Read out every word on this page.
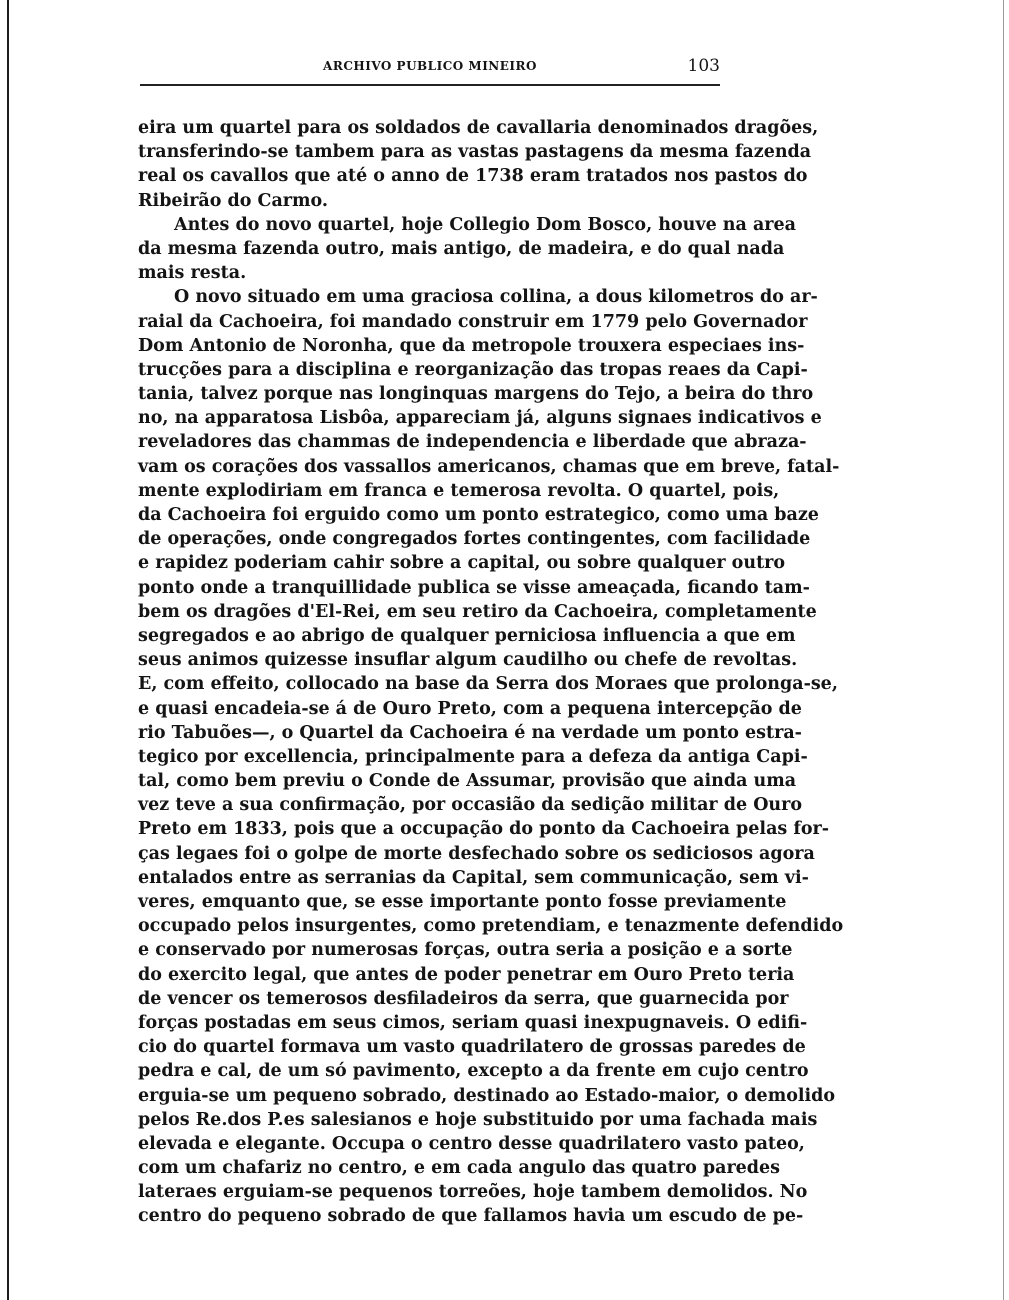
ARCHIVO PUBLICO MINEIRO	103
eira um quartel para os soldados de cavallaria denominados dragões,
transferindo-se tambem para as vastas pastagens da mesma fazenda
real os cavallos que até o anno de 1738 eram tratados nos pastos do
Ribeirão do Carmo.
Antes do novo quartel, hoje Collegio Dom Bosco, houve na area
da mesma fazenda outro, mais antigo, de madeira, e do qual nada
mais resta.
O novo situado em uma graciosa collina, a dous kilometros do ar-
raial da Cachoeira, foi mandado construir em 1779 pelo Governador
Dom Antonio de Noronha, que da metropole trouxera especiaes ins-
trucções para a disciplina e reorganização das tropas reaes da Capi-
tania, talvez porque nas longinquas margens do Tejo, a beira do thro
no, na apparatosa Lisbôa, appareciam já, alguns signaes indicativos e
reveladores das chammas de independencia e liberdade que abraza-
vam os corações dos vassallos americanos, chamas que em breve, fatal-
mente explodiriam em franca e temerosa revolta. O quartel, pois,
da Cachoeira foi erguido como um ponto estrategico, como uma baze
de operações, onde congregados fortes contingentes, com facilidade
e rapidez poderiam cahir sobre a capital, ou sobre qualquer outro
ponto onde a tranquillidade publica se visse ameaçada, ficando tam-
bem os dragões d'El-Rei, em seu retiro da Cachoeira, completamente
segregados e ao abrigo de qualquer perniciosa influencia a que em
seus animos quizesse insuflar algum caudilho ou chefe de revoltas.
E, com effeito, collocado na base da Serra dos Moraes que prolonga-se,
e quasi encadeia-se á de Ouro Preto, com a pequena intercepção de
rio Tabuões—, o Quartel da Cachoeira é na verdade um ponto estra-
tegico por excellencia, principalmente para a defeza da antiga Capi-
tal, como bem previu o Conde de Assumar, provisão que ainda uma
vez teve a sua confirmação, por occasião da sedição militar de Ouro
Preto em 1833, pois que a occupação do ponto da Cachoeira pelas for-
ças legaes foi o golpe de morte desfechado sobre os sediciosos agora
entalados entre as serranias da Capital, sem communicação, sem vi-
veres, emquanto que, se esse importante ponto fosse previamente
occupado pelos insurgentes, como pretendiam, e tenazmente defendido
e conservado por numerosas forças, outra seria a posição e a sorte
do exercito legal, que antes de poder penetrar em Ouro Preto teria
de vencer os temerosos desfiladeiros da serra, que guarnecida por
forças postadas em seus cimos, seriam quasi inexpugnaveis. O edifi-
cio do quartel formava um vasto quadrilatero de grossas paredes de
pedra e cal, de um só pavimento, excepto a da frente em cujo centro
erguia-se um pequeno sobrado, destinado ao Estado-maior, o demolido
pelos Re.dos P.es salesianos e hoje substituido por uma fachada mais
elevada e elegante. Occupa o centro desse quadrilatero vasto pateo,
com um chafariz no centro, e em cada angulo das quatro paredes
lateraes erguiam-se pequenos torreões, hoje tambem demolidos. No
centro do pequeno sobrado de que fallamos havia um escudo de pe-
